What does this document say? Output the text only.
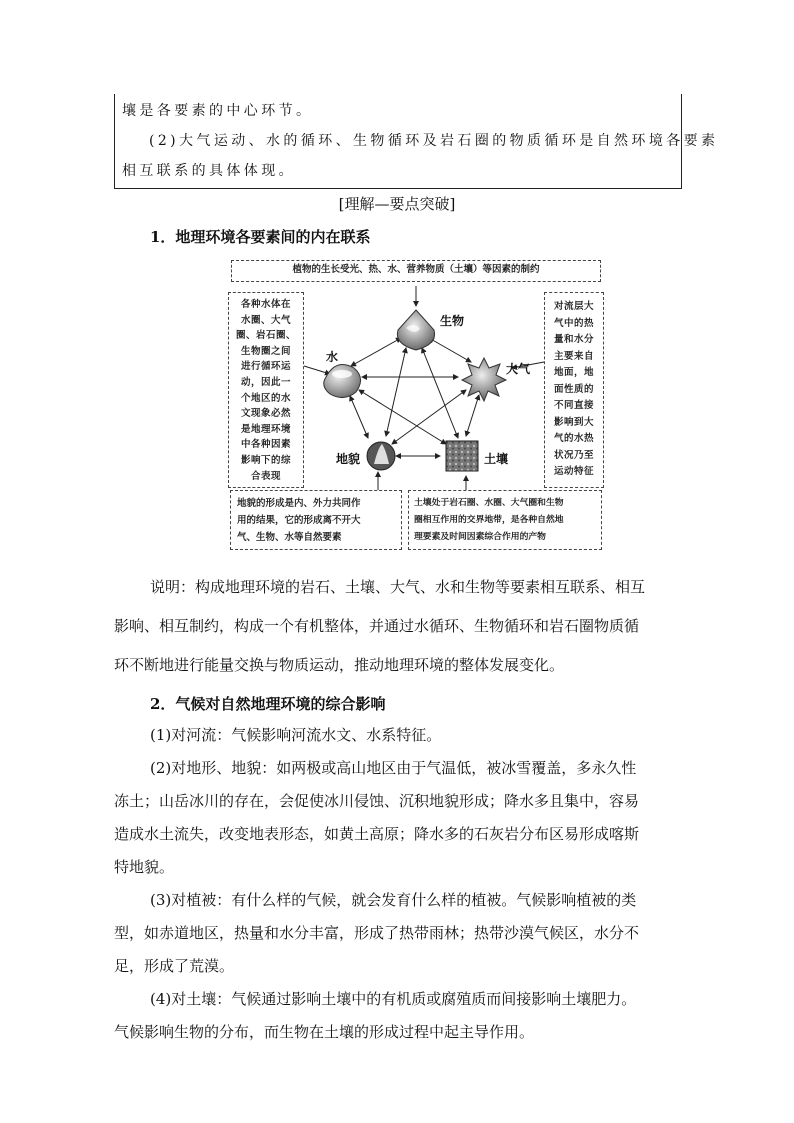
壤是各要素的中心环节。
(2)大气运动、水的循环、生物循环及岩石圈的物质循环是自然环境各要素
相互联系的具体体现。
[理解—要点突破]
1．地理环境各要素间的内在联系
植物的生长受光、热、水、营养物质（土壤）等因素的制约
各种水体在
水圈、大气
圈、岩石圈、
生物圈之间
进行循环运
动，因此一
个地区的水
文现象必然
是地理环境
中各种因素
影响下的综
合表现
对流层大
气中的热
量和水分
主要来自
地面，地
面性质的
不同直接
影响到大
气的水热
状况乃至
运动特征
地貌的形成是内、外力共同作
用的结果，它的形成离不开大
气、生物、水等自然要素
土壤处于岩石圈、水圈、大气圈和生物
圈相互作用的交界地带，是各种自然地
理要素及时间因素综合作用的产物
生物
水
大气
地貌	土壤
说明：构成地理环境的岩石、土壤、大气、水和生物等要素相互联系、相互
影响、相互制约，构成一个有机整体，并通过水循环、生物循环和岩石圈物质循
环不断地进行能量交换与物质运动，推动地理环境的整体发展变化。
2．气候对自然地理环境的综合影响
(1)对河流：气候影响河流水文、水系特征。
(2)对地形、地貌：如两极或高山地区由于气温低，被冰雪覆盖，多永久性
冻土；山岳冰川的存在，会促使冰川侵蚀、沉积地貌形成；降水多且集中，容易
造成水土流失，改变地表形态，如黄土高原；降水多的石灰岩分布区易形成喀斯
特地貌。
(3)对植被：有什么样的气候，就会发育什么样的植被。气候影响植被的类
型，如赤道地区，热量和水分丰富，形成了热带雨林；热带沙漠气候区，水分不
足，形成了荒漠。
(4)对土壤：气候通过影响土壤中的有机质或腐殖质而间接影响土壤肥力。
气候影响生物的分布，而生物在土壤的形成过程中起主导作用。
